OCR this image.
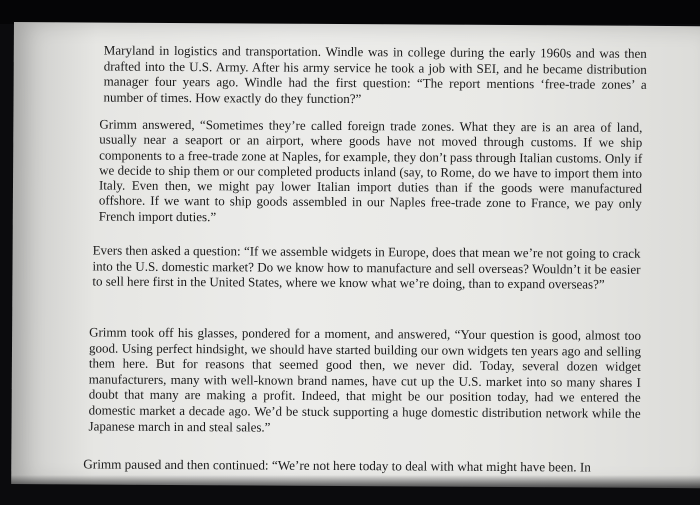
Maryland in logistics and transportation. Windle was in college during the early 1960s and was then drafted into the U.S. Army. After his army service he took a job with SEI, and he became distribution manager four years ago. Windle had the first question: “The report mentions ‘free-trade zones’ a number of times. How exactly do they function?”

Grimm answered, “Sometimes they’re called foreign trade zones. What they are is an area of land, usually near a seaport or an airport, where goods have not moved through customs. If we ship components to a free-trade zone at Naples, for example, they don’t pass through Italian customs. Only if we decide to ship them or our completed products inland (say, to Rome, do we have to import them into Italy. Even then, we might pay lower Italian import duties than if the goods were manufactured offshore. If we want to ship goods assembled in our Naples free-trade zone to France, we pay only French import duties.”

Evers then asked a question: “If we assemble widgets in Europe, does that mean we’re not going to crack into the U.S. domestic market? Do we know how to manufacture and sell overseas? Wouldn’t it be easier to sell here first in the United States, where we know what we’re doing, than to expand overseas?”

Grimm took off his glasses, pondered for a moment, and answered, “Your question is good, almost too good. Using perfect hindsight, we should have started building our own widgets ten years ago and selling them here. But for reasons that seemed good then, we never did. Today, several dozen widget manufacturers, many with well-known brand names, have cut up the U.S. market into so many shares I doubt that many are making a profit. Indeed, that might be our position today, had we entered the domestic market a decade ago. We’d be stuck supporting a huge domestic distribution network while the Japanese march in and steal sales.”

Grimm paused and then continued: “We’re not here today to deal with what might have been. In
